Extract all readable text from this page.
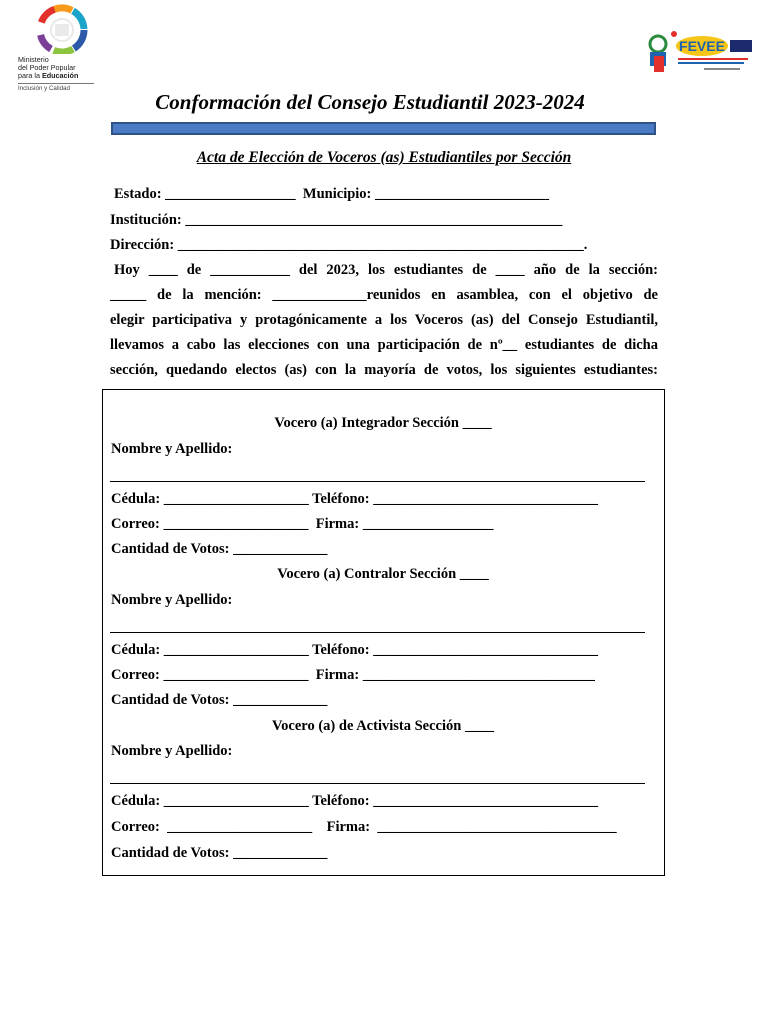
Ministerio
del Poder Popular
para la Educación
Inclusión y Calidad
FEVEE
Conformación del Consejo Estudiantil 2023-2024
Acta de Elección de Voceros (as) Estudiantiles por Sección
Estado: __________________  Municipio: ________________________
Institución: ____________________________________________________
Dirección: ________________________________________________________.
Hoy ____ de ___________ del 2023, los estudiantes de ____ año de la sección:
_____ de la mención: _____________reunidos en asamblea, con el objetivo de
elegir participativa y protagónicamente a los Voceros (as) del Consejo Estudiantil,
llevamos a cabo las elecciones con una participación de nº__ estudiantes de dicha
sección, quedando electos (as) con la mayoría de votos, los siguientes estudiantes:
Vocero (a) Integrador Sección ____
Nombre y Apellido:
Cédula: ____________________ Teléfono: _______________________________
Correo: ____________________  Firma: __________________
Cantidad de Votos: _____________
Vocero (a) Contralor Sección ____
Nombre y Apellido:
Cédula: ____________________ Teléfono: _______________________________
Correo: ____________________  Firma: ________________________________
Cantidad de Votos: _____________
Vocero (a) de Activista Sección ____
Nombre y Apellido:
Cédula: ____________________ Teléfono: _______________________________
Correo:  ____________________    Firma:  _________________________________
Cantidad de Votos: _____________
